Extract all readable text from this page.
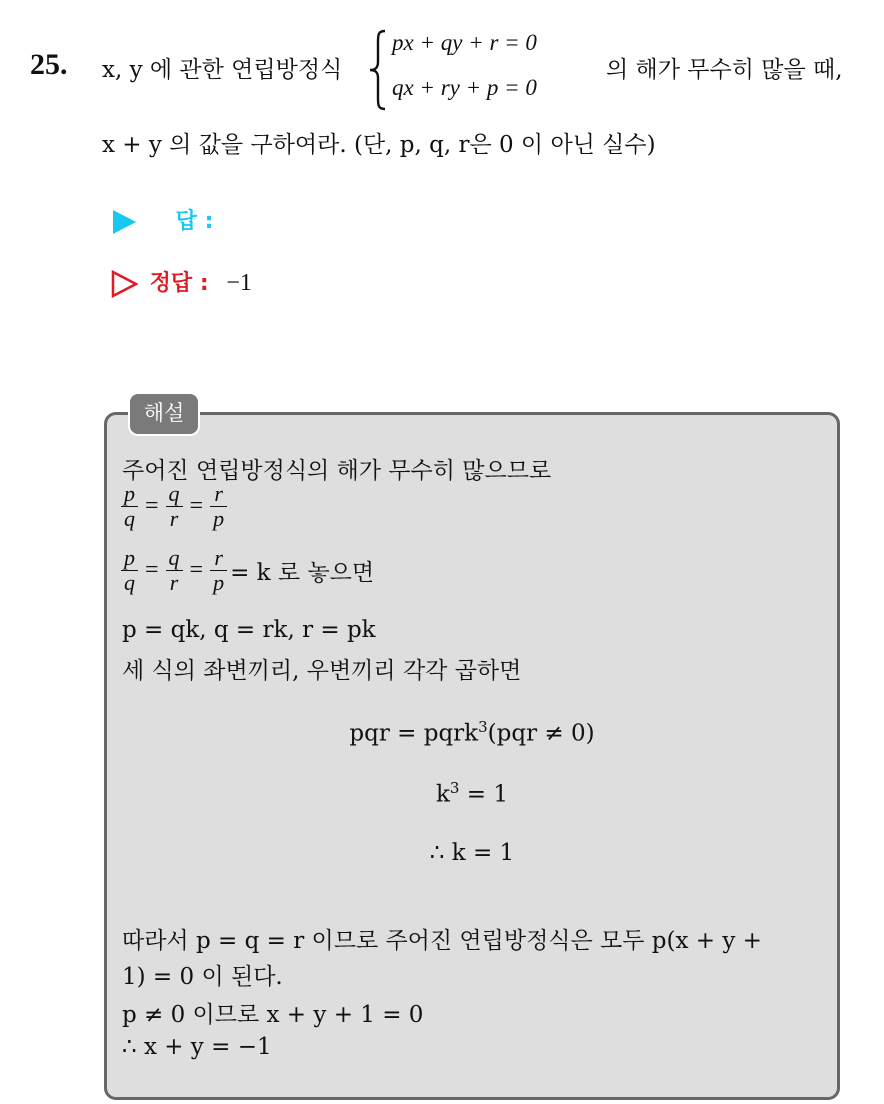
25. x, y 에 관한 연립방정식
px + qy + r = 0
qx + ry + p = 0
의 해가 무수히 많을 때,
x + y 의 값을 구하여라. (단, p, q, r은 0 이 아닌 실수)
답 :
정답 : −1
해설
주어진 연립방정식의 해가 무수히 많으므로
$\frac{p}{q} = \frac{q}{r} = \frac{r}{p}$
$\frac{p}{q} = \frac{q}{r} = \frac{r}{p} = k$ 로 놓으면
p = qk, q = rk, r = pk
세 식의 좌변끼리, 우변끼리 각각 곱하면
pqr = pqrk$^3$(pqr ≠ 0)
$k^3 = 1$
∴ k = 1
따라서 p = q = r 이므로 주어진 연립방정식은 모두 p(x + y +
1) = 0 이 된다.
p ≠ 0 이므로 x + y + 1 = 0
∴ x + y = −1
